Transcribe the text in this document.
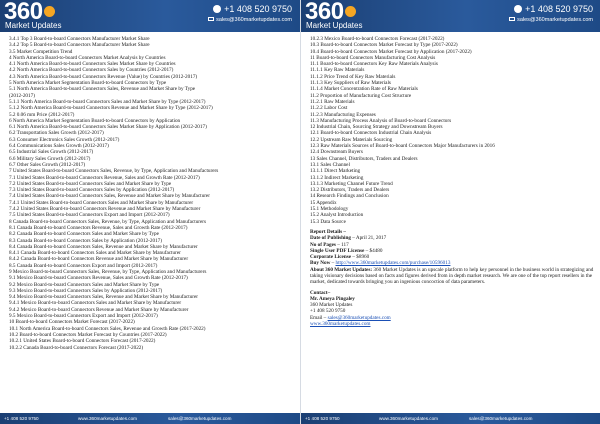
360
Market Updates
+1 408 520 9750
sales@360marketupdates.com
3.4.1 Top 3 Board-to-board Connectors Manufacturer Market Share
3.4.2 Top 5 Board-to-board Connectors Manufacturer Market Share
3.5 Market Competition Trend
4 North America Board-to-board Connectors Market Analysis by Countries
4.1 North America Board-to-board Connectors Sales Market Share by Countries
4.2 North America Board-to-board Connectors Sales by Countries (2012-2017)
4.3 North America Board-to-board Connectors Revenue (Value) by Countries (2012-2017)
5 North America Market Segmentation Board-to-board Connectors by Type
5.1 North America Board-to-board Connectors Sales, Revenue and Market Share by Type
(2012-2017)
5.1.1 North America Board-to-board Connectors Sales and Market Share by Type (2012-2017)
5.1.2 North America Board-to-board Connectors Revenue and Market Share by Type (2012-2017)
5.2 0.06 mm Price (2012-2017)
6 North America Market Segmentation Board-to-board Connectors by Application
6.1 North America Board-to-board Connectors Sales Market Share by Application (2012-2017)
6.2 Transportation Sales Growth (2012-2017)
6.3 Consumer Electronics Sales Growth (2012-2017)
6.4 Communications Sales Growth (2012-2017)
6.5 Industrial Sales Growth (2012-2017)
6.6 Military Sales Growth (2012-2017)
6.7 Other Sales Growth (2012-2017)
7 United States Board-to-board Connectors Sales, Revenue, by Type, Application and Manufacturers
7.1 United States Board-to-board Connectors Revenue, Sales and Growth Rate (2012-2017)
7.2 United States Board-to-board Connectors Sales and Market Share by Type
7.3 United States Board-to-board Connectors Sales by Application (2012-2017)
7.4 United States Board-to-board Connectors Sales, Revenue and Market Share by Manufacturer
7.4.1 United States Board-to-board Connectors Sales and Market Share by Manufacturer
7.4.2 United States Board-to-board Connectors Revenue and Market Share by Manufacturer
7.5 United States Board-to-board Connectors Export and Import (2012-2017)
8 Canada Board-to-board Connectors Sales, Revenue, by Type, Application and Manufacturers
8.1 Canada Board-to-board Connectors Revenue, Sales and Growth Rate (2012-2017)
8.2 Canada Board-to-board Connectors Sales and Market Share by Type
8.3 Canada Board-to-board Connectors Sales by Application (2012-2017)
8.4 Canada Board-to-board Connectors Sales, Revenue and Market Share by Manufacturer
8.4.1 Canada Board-to-board Connectors Sales and Market Share by Manufacturer
8.4.2 Canada Board-to-board Connectors Revenue and Market Share by Manufacturer
8.5 Canada Board-to-board Connectors Export and Import (2012-2017)
9 Mexico Board-to-board Connectors Sales, Revenue, by Type, Application and Manufacturers
9.1 Mexico Board-to-board Connectors Revenue, Sales and Growth Rate (2012-2017)
9.2 Mexico Board-to-board Connectors Sales and Market Share by Type
9.3 Mexico Board-to-board Connectors Sales by Application (2012-2017)
9.4 Mexico Board-to-board Connectors Sales, Revenue and Market Share by Manufacturer
9.4.1 Mexico Board-to-board Connectors Sales and Market Share by Manufacturer
9.4.2 Mexico Board-to-board Connectors Revenue and Market Share by Manufacturer
9.5 Mexico Board-to-board Connectors Export and Import (2012-2017)
10 Board-to-board Connectors Market Forecast (2017-2022)
10.1 North America Board-to-board Connectors Sales, Revenue and Growth Rate (2017-2022)
10.2 Board-to-board Connectors Market Forecast by Countries (2017-2022)
10.2.1 United States Board-to-board Connectors Forecast (2017-2022)
10.2.2 Canada Board-to-board Connectors Forecast (2017-2022)
+1 408 520 9750	www.360marketupdates.com	sales@360marketupdates.com
360
Market Updates
+1 408 520 9750
sales@360marketupdates.com
10.2.3 Mexico Board-to-board Connectors Forecast (2017-2022)
10.3 Board-to-board Connectors Market Forecast by Type (2017-2022)
10.4 Board-to-board Connectors Market Forecast by Application (2017-2022)
11 Board-to-board Connectors Manufacturing Cost Analysis
11.1 Board-to-board Connectors Key Raw Materials Analysis
11.1.1 Key Raw Materials
11.1.2 Price Trend of Key Raw Materials
11.1.3 Key Suppliers of Raw Materials
11.1.4 Market Concentration Rate of Raw Materials
11.2 Proportion of Manufacturing Cost Structure
11.2.1 Raw Materials
11.2.2 Labor Cost
11.2.3 Manufacturing Expenses
11.3 Manufacturing Process Analysis of Board-to-board Connectors
12 Industrial Chain, Sourcing Strategy and Downstream Buyers
12.1 Board-to-board Connectors Industrial Chain Analysis
12.2 Upstream Raw Materials Sourcing
12.3 Raw Materials Sources of Board-to-board Connectors Major Manufacturers in 2016
12.4 Downstream Buyers
13 Sales Channel, Distributors, Traders and Dealers
13.1 Sales Channel
13.1.1 Direct Marketing
13.1.2 Indirect Marketing
13.1.3 Marketing Channel Future Trend
13.2 Distributors, Traders and Dealers
14 Research Findings and Conclusion
15 Appendix
15.1 Methodology
15.2 Analyst Introduction
15.3 Data Source
Report Details –
Date of Publishing – April 21, 2017
No of Pages – 117
Single User PDF License – $4480
Corporate License – $8960
Buy Now – http://www.360marketupdates.com/purchase/10596013
About 360 Market Updates: 360 Market Updates is an upscale platform to help key personnel in the business world in strategizing and taking visionary decisions based on facts and figures derived from in depth market research. We are one of the top report resellers in the market, dedicated towards bringing you an ingenious concoction of data parameters.
Contact–
Mr. Ameya Pingaley
360 Market Updates
+1 408 520 9750
Email – sales@360marketupdates.com
www.360marketupdates.com
+1 408 520 9750	www.360marketupdates.com	sales@360marketupdates.com
